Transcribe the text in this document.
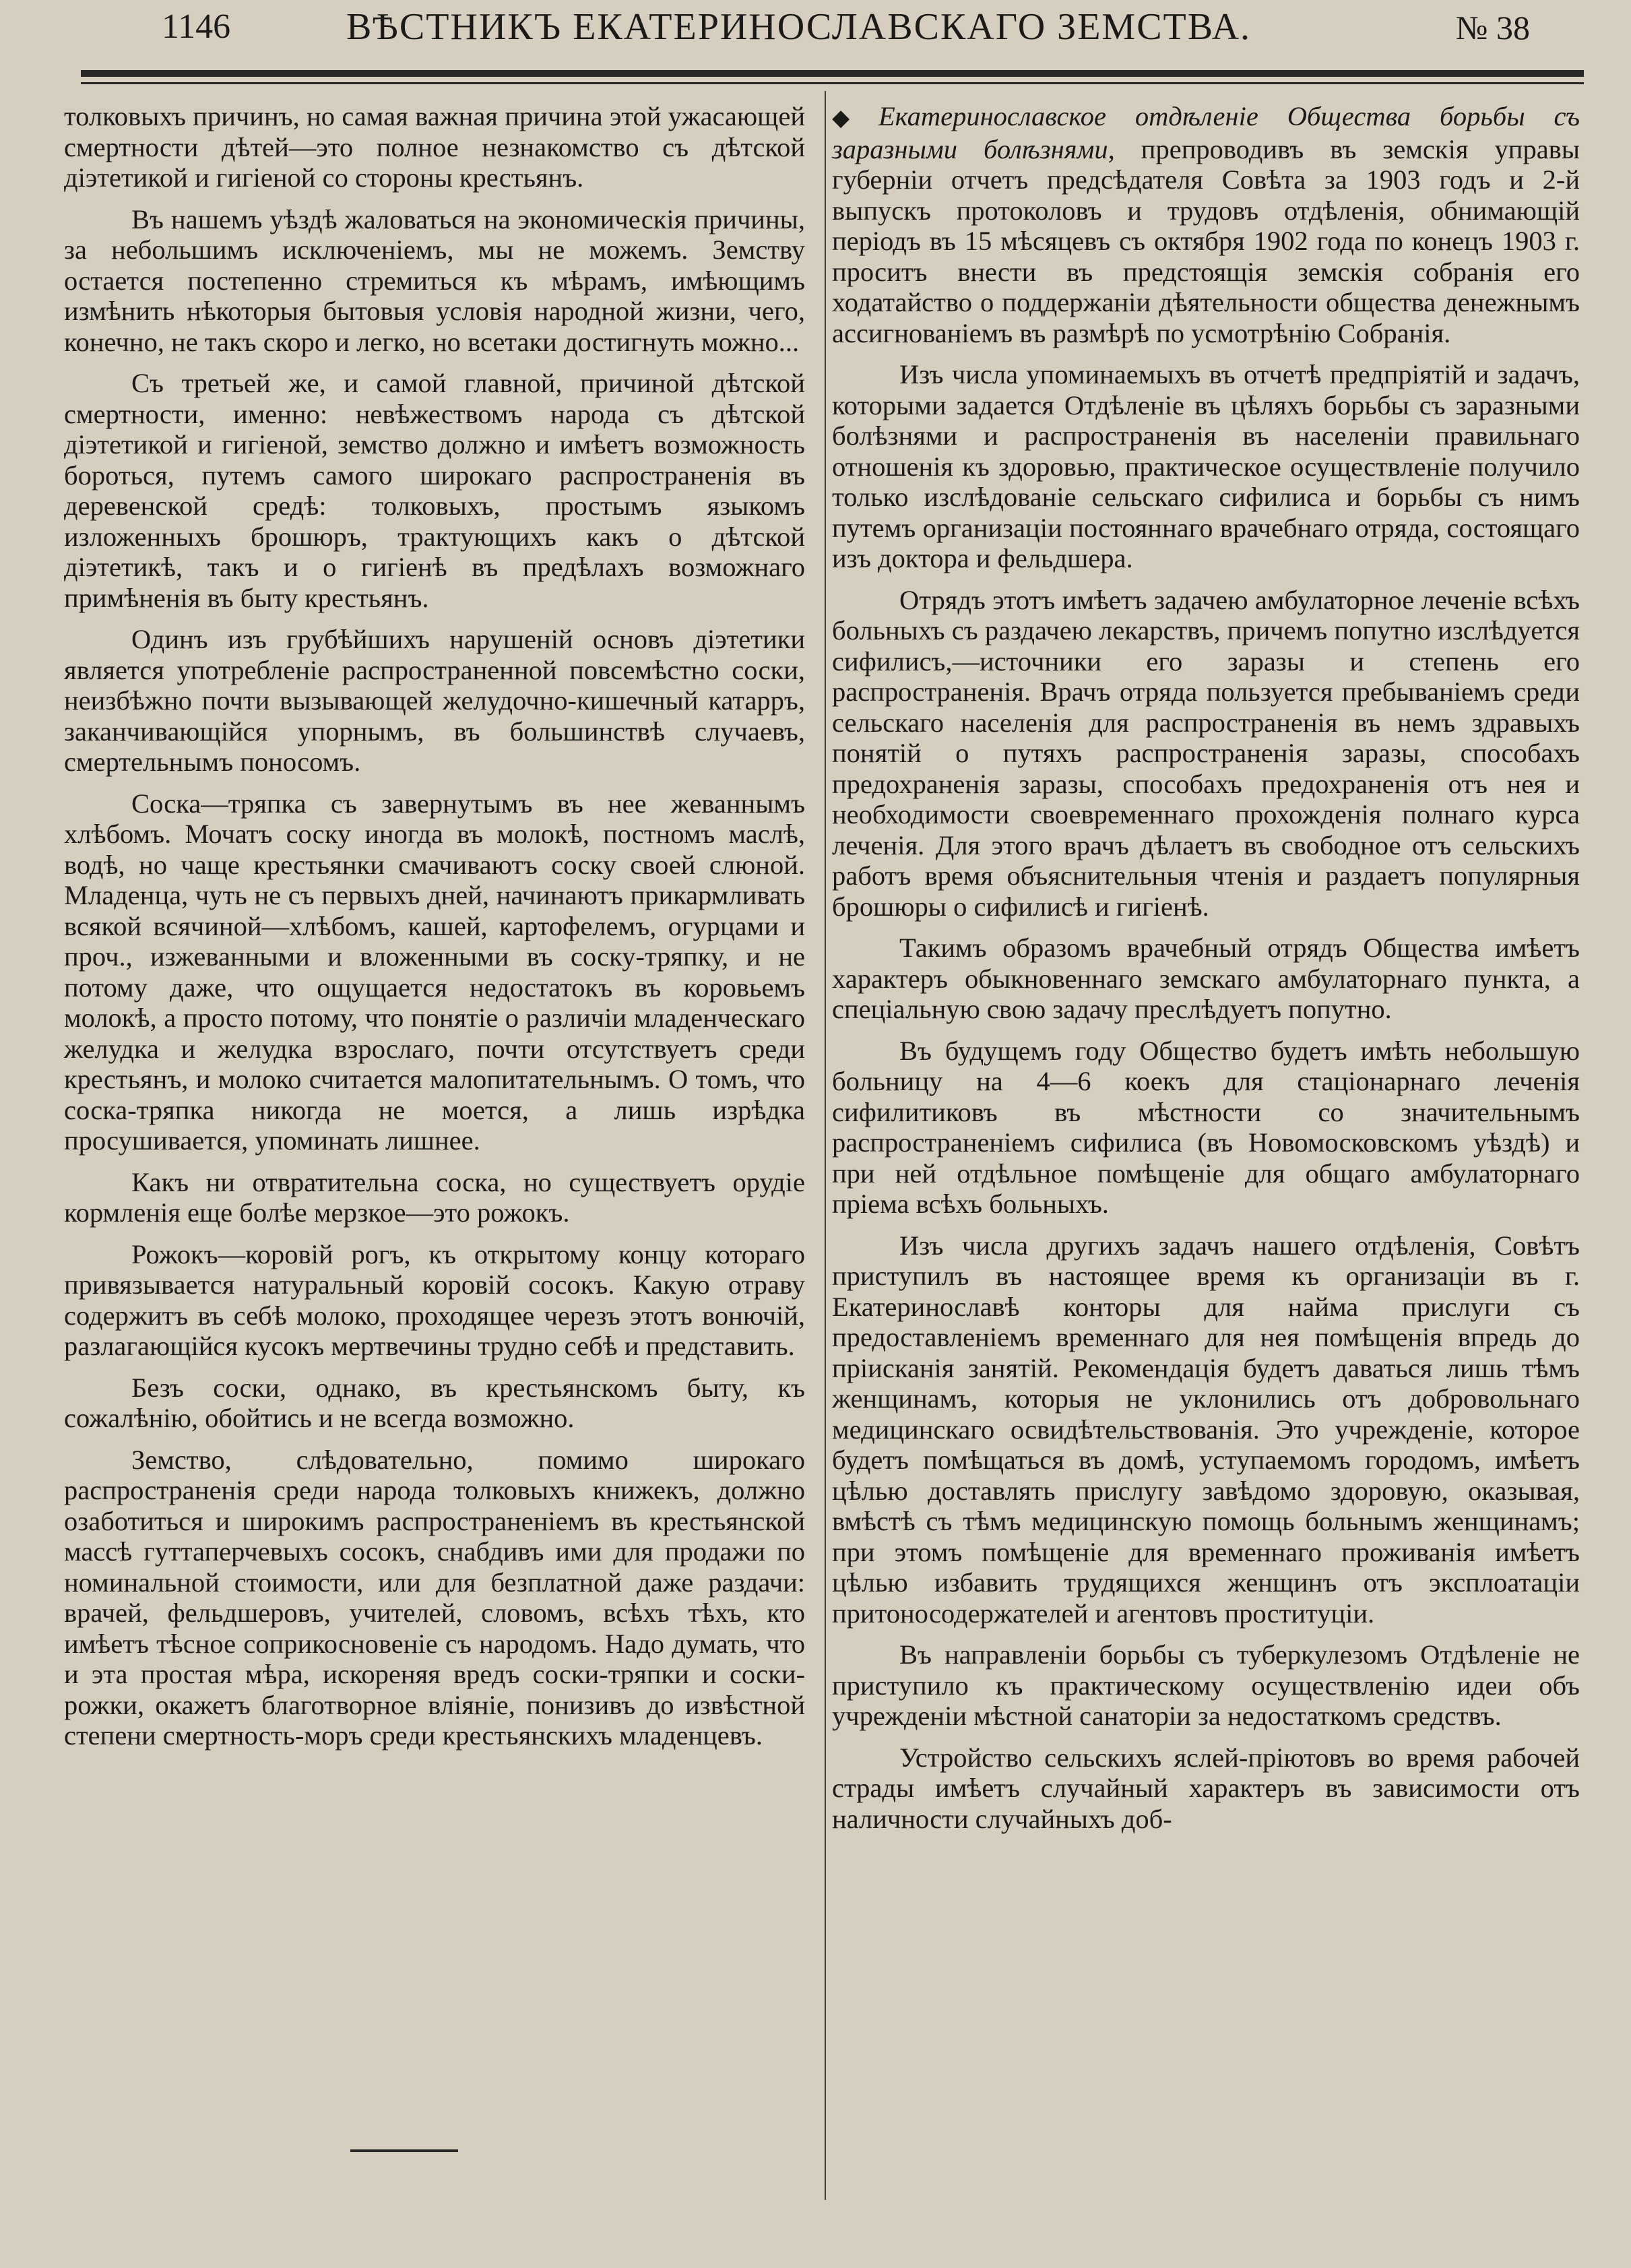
1146	ВѢСТНИКЪ ЕКАТЕРИНОСЛАВСКАГО ЗЕМСТВА.	№ 38

толковыхъ причинъ, но самая важная причина этой ужасающей смертности дѣтей—это полное незнакомство съ дѣтской діэтетикой и гигіеной со стороны крестьянъ.

Въ нашемъ уѣздѣ жаловаться на экономическія причины, за небольшимъ исключеніемъ, мы не можемъ. Земству остается постепенно стремиться къ мѣрамъ, имѣющимъ измѣнить нѣкоторыя бытовыя условія народной жизни, чего, конечно, не такъ скоро и легко, но всетаки достигнуть можно...

Съ третьей же, и самой главной, причиной дѣтской смертности, именно: невѣжествомъ народа съ дѣтской діэтетикой и гигіеной, земство должно и имѣетъ возможность бороться, путемъ самого широкаго распространенія въ деревенской средѣ: толковыхъ, простымъ языкомъ изложенныхъ брошюръ, трактующихъ какъ о дѣтской діэтетикѣ, такъ и о гигіенѣ въ предѣлахъ возможнаго примѣненія въ быту крестьянъ.

Одинъ изъ грубѣйшихъ нарушеній основъ діэтетики является употребленіе распространенной повсемѣстно соски, неизбѣжно почти вызывающей желудочно-кишечный катарръ, заканчивающійся упорнымъ, въ большинствѣ случаевъ, смертельнымъ поносомъ.

Соска—тряпка съ завернутымъ въ нее жеваннымъ хлѣбомъ. Мочатъ соску иногда въ молокѣ, постномъ маслѣ, водѣ, но чаще крестьянки смачиваютъ соску своей слюной. Младенца, чуть не съ первыхъ дней, начинаютъ прикармливать всякой всячиной—хлѣбомъ, кашей, картофелемъ, огурцами и проч., изжеванными и вложенными въ соску-тряпку, и не потому даже, что ощущается недостатокъ въ коровьемъ молокѣ, а просто потому, что понятіе о различіи младенческаго желудка и желудка взрослаго, почти отсутствуетъ среди крестьянъ, и молоко считается малопитательнымъ. О томъ, что соска-тряпка никогда не моется, а лишь изрѣдка просушивается, упоминать лишнее.

Какъ ни отвратительна соска, но существуетъ орудіе кормленія еще болѣе мерзкое—это рожокъ.

Рожокъ—коровій рогъ, къ открытому концу котораго привязывается натуральный коровій сосокъ. Какую отраву содержитъ въ себѣ молоко, проходящее черезъ этотъ вонючій, разлагающійся кусокъ мертвечины трудно себѣ и представить.

Безъ соски, однако, въ крестьянскомъ быту, къ сожалѣнію, обойтись и не всегда возможно.

Земство, слѣдовательно, помимо широкаго распространенія среди народа толковыхъ книжекъ, должно озаботиться и широкимъ распространеніемъ въ крестьянской массѣ гуттаперчевыхъ сосокъ, снабдивъ ими для продажи по номинальной стоимости, или для безплатной даже раздачи: врачей, фельдшеровъ, учителей, словомъ, всѣхъ тѣхъ, кто имѣетъ тѣсное соприкосновеніе съ народомъ. Надо думать, что и эта простая мѣра, искореняя вредъ соски-тряпки и соски-рожки, окажетъ благотворное вліяніе, понизивъ до извѣстной степени смертность-моръ среди крестьянскихъ младенцевъ.

◆ Екатеринославское отдѣленіе Общества борьбы съ заразными болѣзнями, препроводивъ въ земскія управы губерніи отчетъ предсѣдателя Совѣта за 1903 годъ и 2-й выпускъ протоколовъ и трудовъ отдѣленія, обнимающій періодъ въ 15 мѣсяцевъ съ октября 1902 года по конецъ 1903 г. проситъ внести въ предстоящія земскія собранія его ходатайство о поддержаніи дѣятельности общества денежнымъ ассигнованіемъ въ размѣрѣ по усмотрѣнію Собранія.

Изъ числа упоминаемыхъ въ отчетѣ предпріятій и задачъ, которыми задается Отдѣленіе въ цѣляхъ борьбы съ заразными болѣзнями и распространенія въ населеніи правильнаго отношенія къ здоровью, практическое осуществленіе получило только изслѣдованіе сельскаго сифилиса и борьбы съ нимъ путемъ организаціи постояннаго врачебнаго отряда, состоящаго изъ доктора и фельдшера.

Отрядъ этотъ имѣетъ задачею амбулаторное леченіе всѣхъ больныхъ съ раздачею лекарствъ, причемъ попутно изслѣдуется сифилисъ,—источники его заразы и степень его распространенія. Врачъ отряда пользуется пребываніемъ среди сельскаго населенія для распространенія въ немъ здравыхъ понятій о путяхъ распространенія заразы, способахъ предохраненія заразы, способахъ предохраненія отъ нея и необходимости своевременнаго прохожденія полнаго курса леченія. Для этого врачъ дѣлаетъ въ свободное отъ сельскихъ работъ время объяснительныя чтенія и раздаетъ популярныя брошюры о сифилисѣ и гигіенѣ.

Такимъ образомъ врачебный отрядъ Общества имѣетъ характеръ обыкновеннаго земскаго амбулаторнаго пункта, а спеціальную свою задачу преслѣдуетъ попутно.

Въ будущемъ году Общество будетъ имѣть небольшую больницу на 4—6 коекъ для стаціонарнаго леченія сифилитиковъ въ мѣстности со значительнымъ распространеніемъ сифилиса (въ Новомосковскомъ уѣздѣ) и при ней отдѣльное помѣщеніе для общаго амбулаторнаго пріема всѣхъ больныхъ.

Изъ числа другихъ задачъ нашего отдѣленія, Совѣтъ приступилъ въ настоящее время къ организаціи въ г. Екатеринославѣ конторы для найма прислуги съ предоставленіемъ временнаго для нея помѣщенія впредь до пріисканія занятій. Рекомендація будетъ даваться лишь тѣмъ женщинамъ, которыя не уклонились отъ добровольнаго медицинскаго освидѣтельствованія. Это учрежденіе, которое будетъ помѣщаться въ домѣ, уступаемомъ городомъ, имѣетъ цѣлью доставлять прислугу завѣдомо здоровую, оказывая, вмѣстѣ съ тѣмъ медицинскую помощь больнымъ женщинамъ; при этомъ помѣщеніе для временнаго проживанія имѣетъ цѣлью избавить трудящихся женщинъ отъ эксплоатаціи притоносодержателей и агентовъ проституціи.

Въ направленіи борьбы съ туберкулезомъ Отдѣленіе не приступило къ практическому осуществленію идеи объ учрежденіи мѣстной санаторіи за недостаткомъ средствъ.

Устройство сельскихъ яслей-пріютовъ во время рабочей страды имѣетъ случайный характеръ въ зависимости отъ наличности случайныхъ доб-
